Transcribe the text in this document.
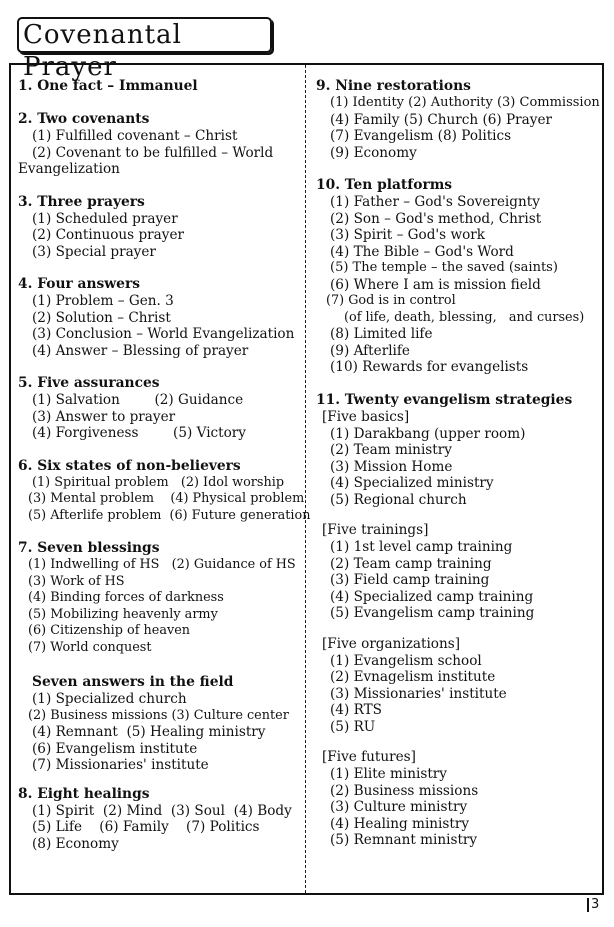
Covenantal Prayer
1. One fact – Immanuel
2. Two covenants
(1) Fulfilled covenant – Christ
(2) Covenant to be fulfilled – World Evangelization
3. Three prayers
(1) Scheduled prayer
(2) Continuous prayer
(3) Special prayer
4. Four answers
(1) Problem – Gen. 3
(2) Solution – Christ
(3) Conclusion – World Evangelization
(4) Answer – Blessing of prayer
5. Five assurances
(1) Salvation        (2) Guidance
(3) Answer to prayer
(4) Forgiveness        (5) Victory
6. Six states of non-believers
(1) Spiritual problem   (2) Idol worship
(3) Mental problem    (4) Physical problem
(5) Afterlife problem  (6) Future generation
7. Seven blessings
(1) Indwelling of HS   (2) Guidance of HS
(3) Work of HS
(4) Binding forces of darkness
(5) Mobilizing heavenly army
(6) Citizenship of heaven
(7) World conquest
Seven answers in the field
(1) Specialized church
(2) Business missions (3) Culture center
(4) Remnant  (5) Healing ministry
(6) Evangelism institute
(7) Missionaries' institute
8. Eight healings
(1) Spirit  (2) Mind  (3) Soul  (4) Body
(5) Life    (6) Family    (7) Politics
(8) Economy
9. Nine restorations
(1) Identity (2) Authority (3) Commission
(4) Family (5) Church (6) Prayer
(7) Evangelism (8) Politics
(9) Economy
10. Ten platforms
(1) Father – God's Sovereignty
(2) Son – God's method, Christ
(3) Spirit – God's work
(4) The Bible – God's Word
(5) The temple – the saved (saints)
(6) Where I am is mission field
(7) God is in control
(of life, death, blessing,   and curses)
(8) Limited life
(9) Afterlife
(10) Rewards for evangelists
11. Twenty evangelism strategies
[Five basics]
(1) Darakbang (upper room)
(2) Team ministry
(3) Mission Home
(4) Specialized ministry
(5) Regional church
[Five trainings]
(1) 1st level camp training
(2) Team camp training
(3) Field camp training
(4) Specialized camp training
(5) Evangelism camp training
[Five organizations]
(1) Evangelism school
(2) Evnagelism institute
(3) Missionaries' institute
(4) RTS
(5) RU
[Five futures]
(1) Elite ministry
(2) Business missions
(3) Culture ministry
(4) Healing ministry
(5) Remnant ministry
3
